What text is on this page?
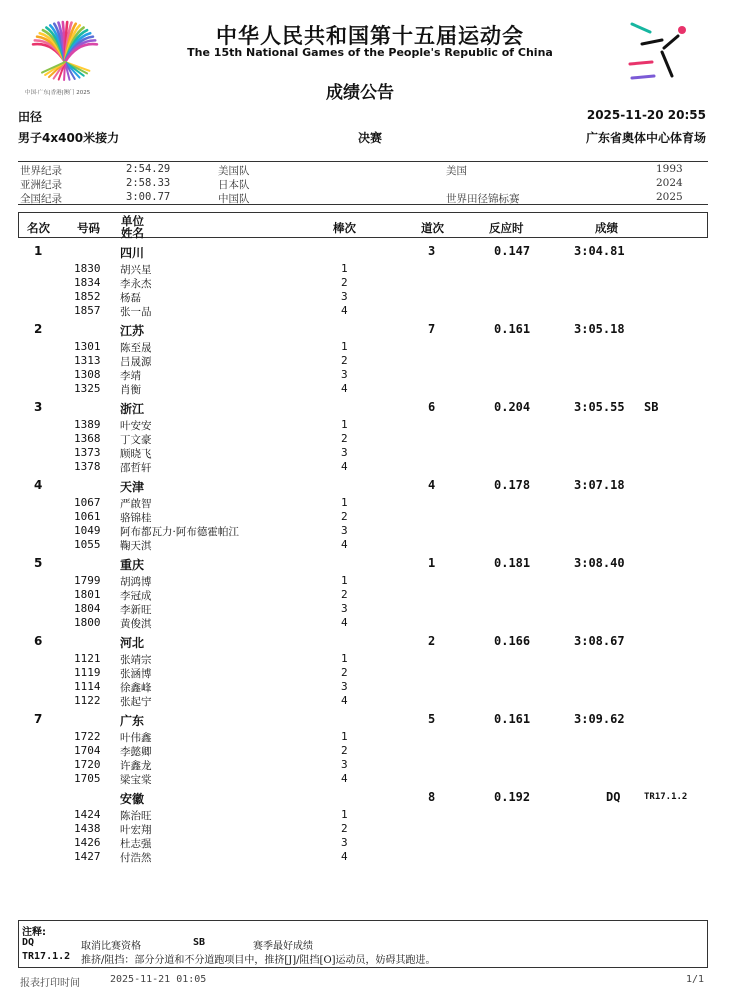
中国·广东|香港|澳门 2025
中华人民共和国第十五届运动会
The 15th National Games of the People's Republic of China
成绩公告
田径	2025-11-20 20:55
男子4x400米接力	决赛	广东省奥体中心体育场
世界纪录	2:54.29	美国队	美国	1993
亚洲纪录	2:58.33	日本队	2024
全国纪录	3:00.77	中国队	世界田径锦标赛	2025
名次 号码 单位
姓名	棒次	道次	反应时	成绩
1	四川	3	0.147	3:04.81
1830 胡兴星	1
1834 李永杰	2
1852 杨磊	3
1857 张一品	4
2	江苏	7	0.161	3:05.18
1301 陈至晟	1
1313 吕晟源	2
1308 李靖	3
1325 肖衡	4
3	浙江	6	0.204	3:05.55 SB
1389 叶安安	1
1368 丁文豪	2
1373 顾晓飞	3
1378 邵哲轩	4
4	天津	4	0.178	3:07.18
1067 严啟智	1
1061 骆锦桂	2
1049 阿布都瓦力·阿布德霍帕江	3
1055 鞠天淇	4
5	重庆	1	0.181	3:08.40
1799 胡鸿博	1
1801 李冠成	2
1804 李新旺	3
1800 黄俊淇	4
6	河北	2	0.166	3:08.67
1121 张靖宗	1
1119 张涵博	2
1114 徐鑫峰	3
1122 张起宁	4
7	广东	5	0.161	3:09.62
1722 叶伟鑫	1
1704 李懿卿	2
1720 许鑫龙	3
1705 梁宝棠	4
安徽	8	0.192	DQ	TR17.1.2
1424 陈治旺	1
1438 叶宏翔	2
1426 杜志强	3
1427 付浩然	4
注释:
DQ	取消比赛资格	SB	赛季最好成绩
TR17.1.2 推挤/阻挡：部分分道和不分道跑项目中，推挤[J]/阻挡[O]运动员，妨碍其跑进。
报表打印时间	2025-11-21 01:05	1/1
